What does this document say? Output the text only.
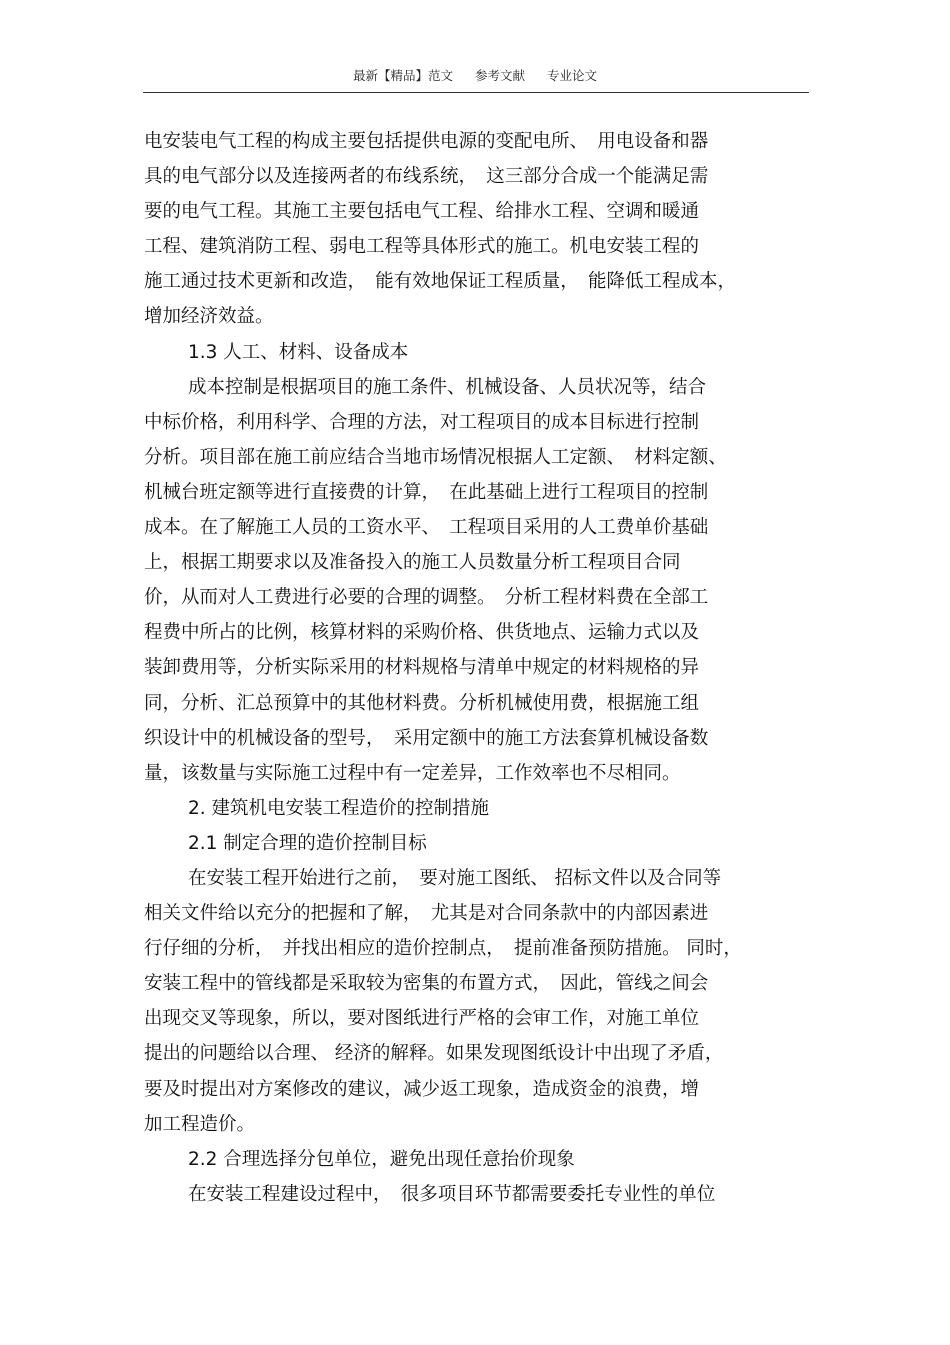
最新【精品】范文 参考文献 专业论文
电安装电气工程的构成主要包括提供电源的变配电所、　用电设备和器
具的电气部分以及连接两者的布线系统，　这三部分合成一个能满足需
要的电气工程。其施工主要包括电气工程、给排水工程、空调和暖通
工程、建筑消防工程、弱电工程等具体形式的施工。机电安装工程的
施工通过技术更新和改造，　能有效地保证工程质量，　能降低工程成本，
增加经济效益。
1.3 人工、材料、设备成本
成本控制是根据项目的施工条件、机械设备、人员状况等，结合
中标价格，利用科学、合理的方法，对工程项目的成本目标进行控制
分析。项目部在施工前应结合当地市场情况根据人工定额、　材料定额、
机械台班定额等进行直接费的计算，　在此基础上进行工程项目的控制
成本。在了解施工人员的工资水平、　工程项目采用的人工费单价基础
上，根据工期要求以及准备投入的施工人员数量分析工程项目合同
价，从而对人工费进行必要的合理的调整。　分析工程材料费在全部工
程费中所占的比例，核算材料的采购价格、供货地点、运输力式以及
装卸费用等，分析实际采用的材料规格与清单中规定的材料规格的异
同，分析、汇总预算中的其他材料费。分析机械使用费，根据施工组
织设计中的机械设备的型号，　采用定额中的施工方法套算机械设备数
量，该数量与实际施工过程中有一定差异，工作效率也不尽相同。
2. 建筑机电安装工程造价的控制措施
2.1 制定合理的造价控制目标
在安装工程开始进行之前，　要对施工图纸、 招标文件以及合同等
相关文件给以充分的把握和了解，　尤其是对合同条款中的内部因素进
行仔细的分析，　并找出相应的造价控制点，　提前准备预防措施。 同时，
安装工程中的管线都是采取较为密集的布置方式，　因此，管线之间会
出现交叉等现象，所以，要对图纸进行严格的会审工作，对施工单位
提出的问题给以合理、 经济的解释。如果发现图纸设计中出现了矛盾，
要及时提出对方案修改的建议，减少返工现象，造成资金的浪费，增
加工程造价。
2.2 合理选择分包单位，避免出现任意抬价现象
在安装工程建设过程中，　很多项目环节都需要委托专业性的单位
